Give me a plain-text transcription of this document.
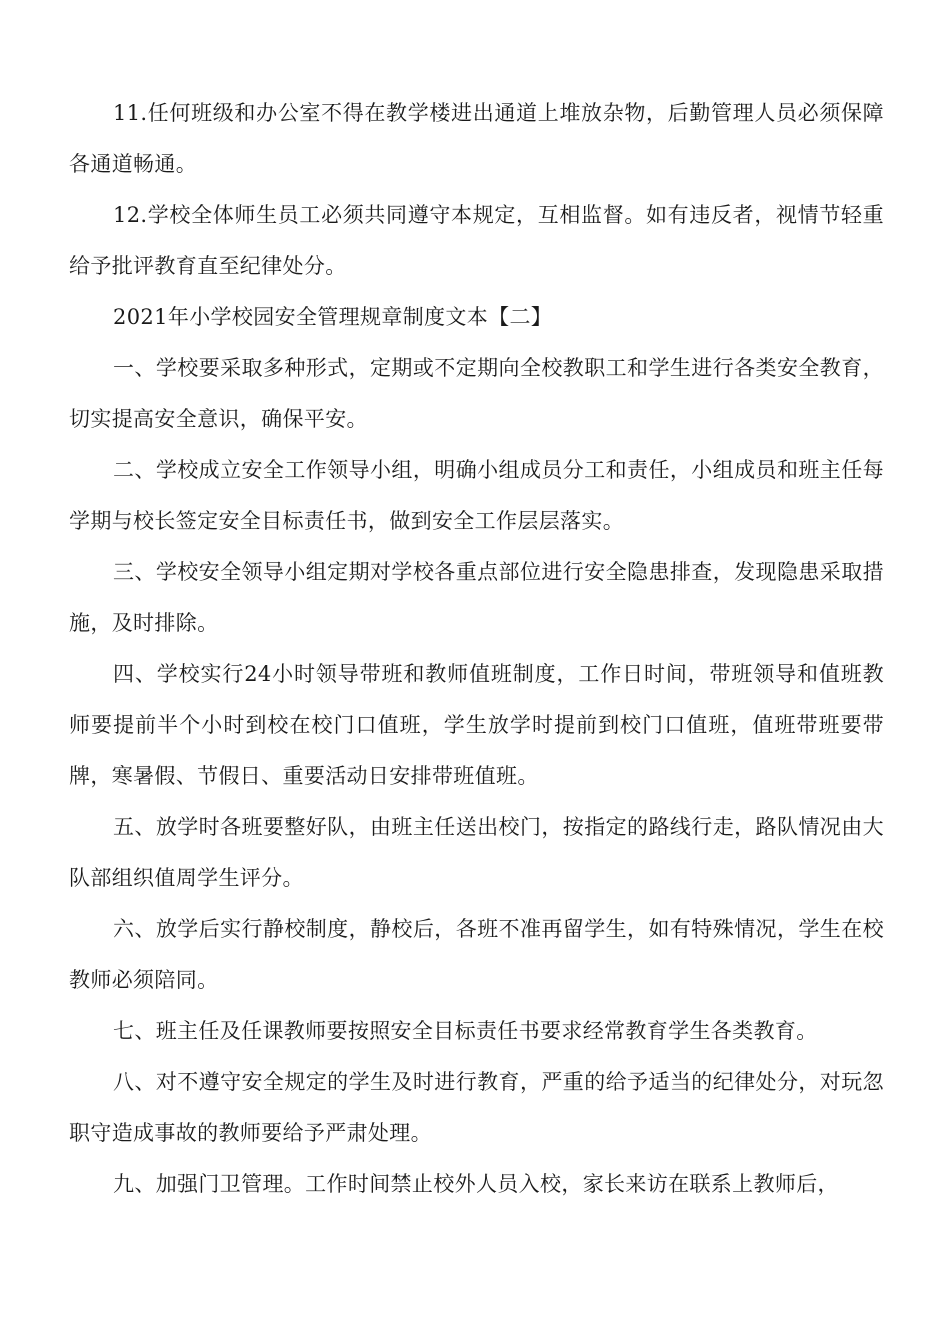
11.任何班级和办公室不得在教学楼进出通道上堆放杂物，后勤管理人员必须保障各通道畅通。

12.学校全体师生员工必须共同遵守本规定，互相监督。如有违反者，视情节轻重给予批评教育直至纪律处分。

2021年小学校园安全管理规章制度文本【二】

一、学校要采取多种形式，定期或不定期向全校教职工和学生进行各类安全教育，切实提高安全意识，确保平安。

二、学校成立安全工作领导小组，明确小组成员分工和责任，小组成员和班主任每学期与校长签定安全目标责任书，做到安全工作层层落实。

三、学校安全领导小组定期对学校各重点部位进行安全隐患排查，发现隐患采取措施，及时排除。

四、学校实行24小时领导带班和教师值班制度，工作日时间，带班领导和值班教师要提前半个小时到校在校门口值班，学生放学时提前到校门口值班，值班带班要带牌，寒暑假、节假日、重要活动日安排带班值班。

五、放学时各班要整好队，由班主任送出校门，按指定的路线行走，路队情况由大队部组织值周学生评分。

六、放学后实行静校制度，静校后，各班不准再留学生，如有特殊情况，学生在校教师必须陪同。

七、班主任及任课教师要按照安全目标责任书要求经常教育学生各类教育。

八、对不遵守安全规定的学生及时进行教育，严重的给予适当的纪律处分，对玩忽职守造成事故的教师要给予严肃处理。

九、加强门卫管理。工作时间禁止校外人员入校，家长来访在联系上教师后，
